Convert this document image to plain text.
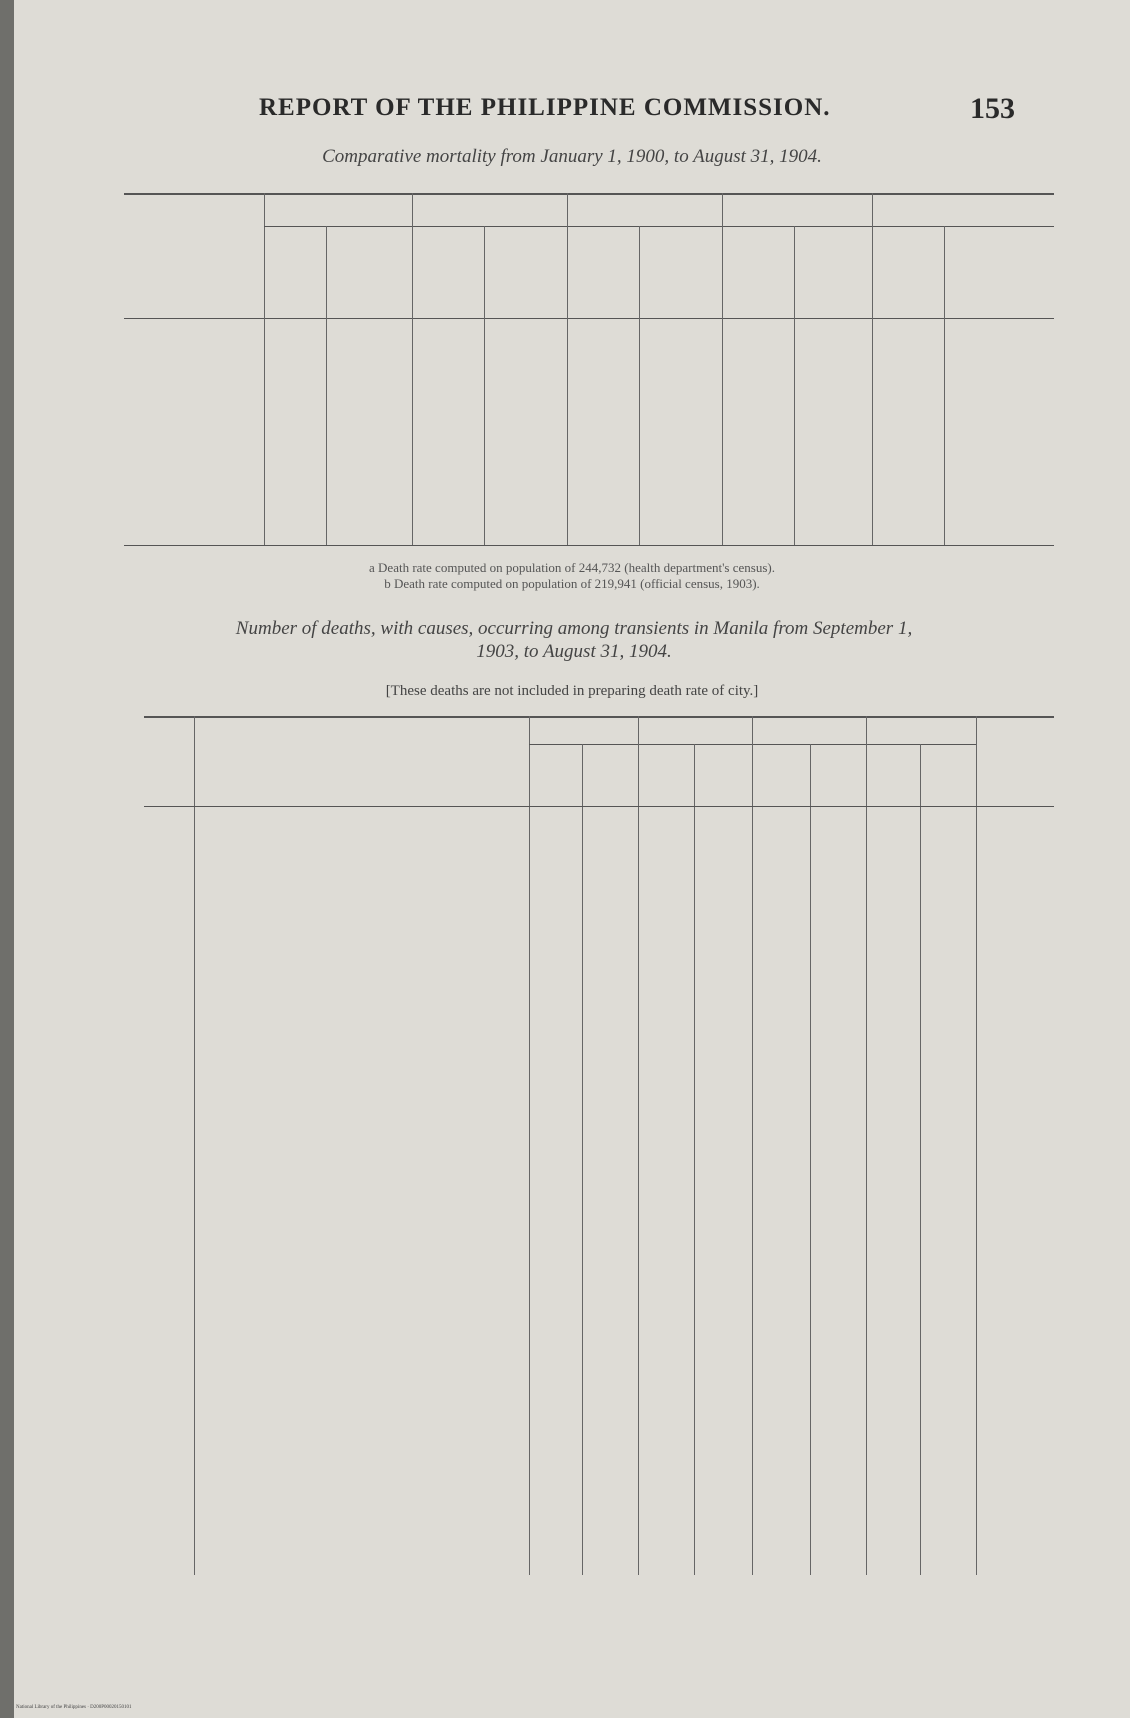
REPORT OF THE PHILIPPINE COMMISSION.	153
Comparative mortality from January 1, 1900, to August 31, 1904.
a Death rate computed on population of 244,732 (health department's census).
b Death rate computed on population of 219,941 (official census, 1903).
Number of deaths, with causes, occurring among transients in Manila from September 1,
1903, to August 31, 1904.
[These deaths are not included in preparing death rate of city.]
National Library of the Philippines · D200P00020150101
